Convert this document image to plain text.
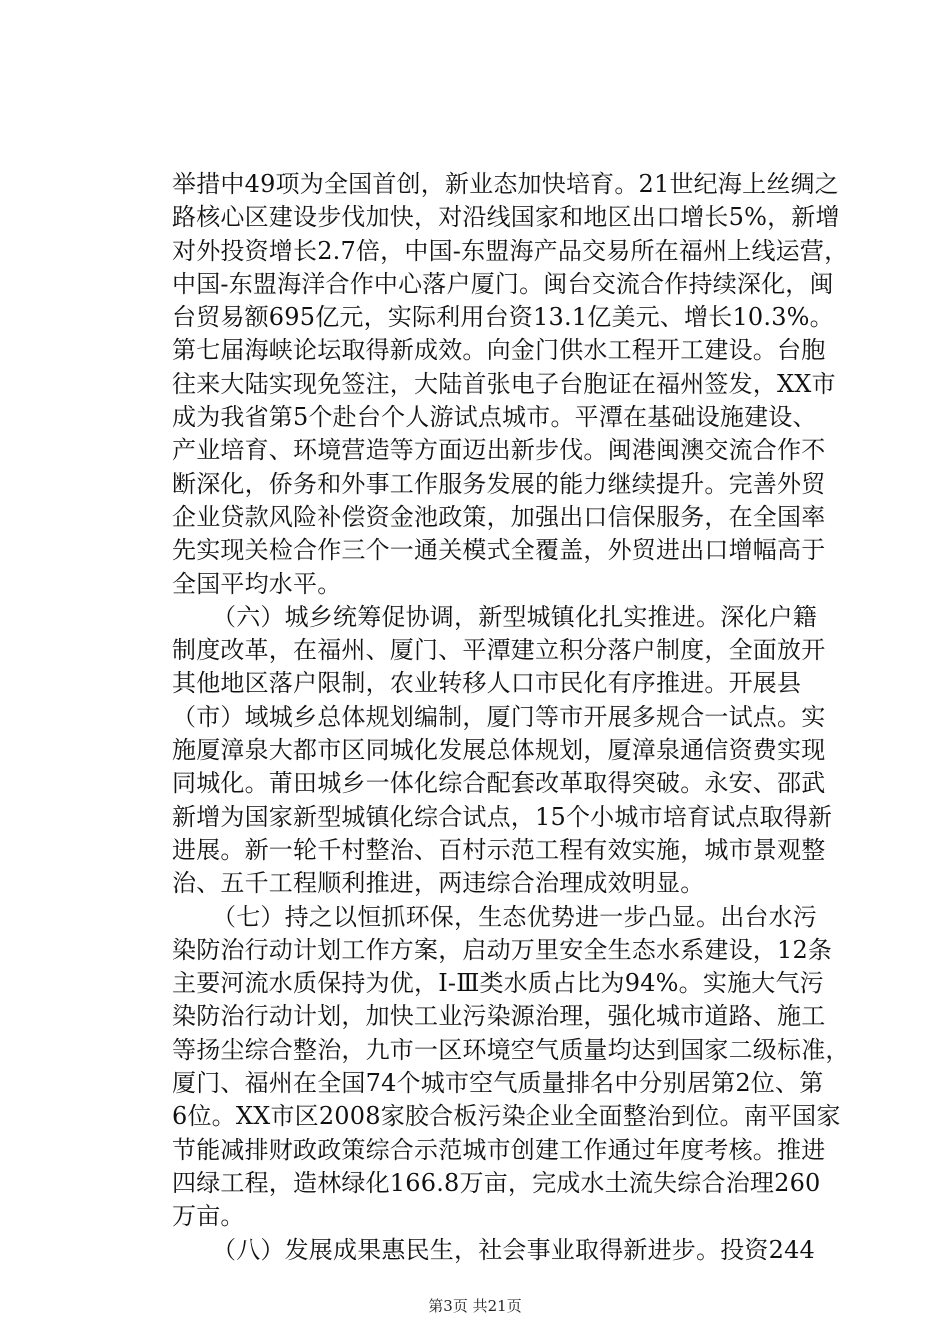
举措中49项为全国首创，新业态加快培育。21世纪海上丝绸之
路核心区建设步伐加快，对沿线国家和地区出口增长5%，新增
对外投资增长2.7倍，中国-东盟海产品交易所在福州上线运营，
中国-东盟海洋合作中心落户厦门。闽台交流合作持续深化，闽
台贸易额695亿元，实际利用台资13.1亿美元、增长10.3%。
第七届海峡论坛取得新成效。向金门供水工程开工建设。台胞
往来大陆实现免签注，大陆首张电子台胞证在福州签发，XX市
成为我省第5个赴台个人游试点城市。平潭在基础设施建设、
产业培育、环境营造等方面迈出新步伐。闽港闽澳交流合作不
断深化，侨务和外事工作服务发展的能力继续提升。完善外贸
企业贷款风险补偿资金池政策，加强出口信保服务，在全国率
先实现关检合作三个一通关模式全覆盖，外贸进出口增幅高于
全国平均水平。
（六）城乡统筹促协调，新型城镇化扎实推进。深化户籍
制度改革，在福州、厦门、平潭建立积分落户制度，全面放开
其他地区落户限制，农业转移人口市民化有序推进。开展县
（市）域城乡总体规划编制，厦门等市开展多规合一试点。实
施厦漳泉大都市区同城化发展总体规划，厦漳泉通信资费实现
同城化。莆田城乡一体化综合配套改革取得突破。永安、邵武
新增为国家新型城镇化综合试点，15个小城市培育试点取得新
进展。新一轮千村整治、百村示范工程有效实施，城市景观整
治、五千工程顺利推进，两违综合治理成效明显。
（七）持之以恒抓环保，生态优势进一步凸显。出台水污
染防治行动计划工作方案，启动万里安全生态水系建设，12条
主要河流水质保持为优，Ⅰ-Ⅲ类水质占比为94%。实施大气污
染防治行动计划，加快工业污染源治理，强化城市道路、施工
等扬尘综合整治，九市一区环境空气质量均达到国家二级标准，
厦门、福州在全国74个城市空气质量排名中分别居第2位、第
6位。XX市区2008家胶合板污染企业全面整治到位。南平国家
节能减排财政政策综合示范城市创建工作通过年度考核。推进
四绿工程，造林绿化166.8万亩，完成水土流失综合治理260
万亩。
（八）发展成果惠民生，社会事业取得新进步。投资244
第3页 共21页
